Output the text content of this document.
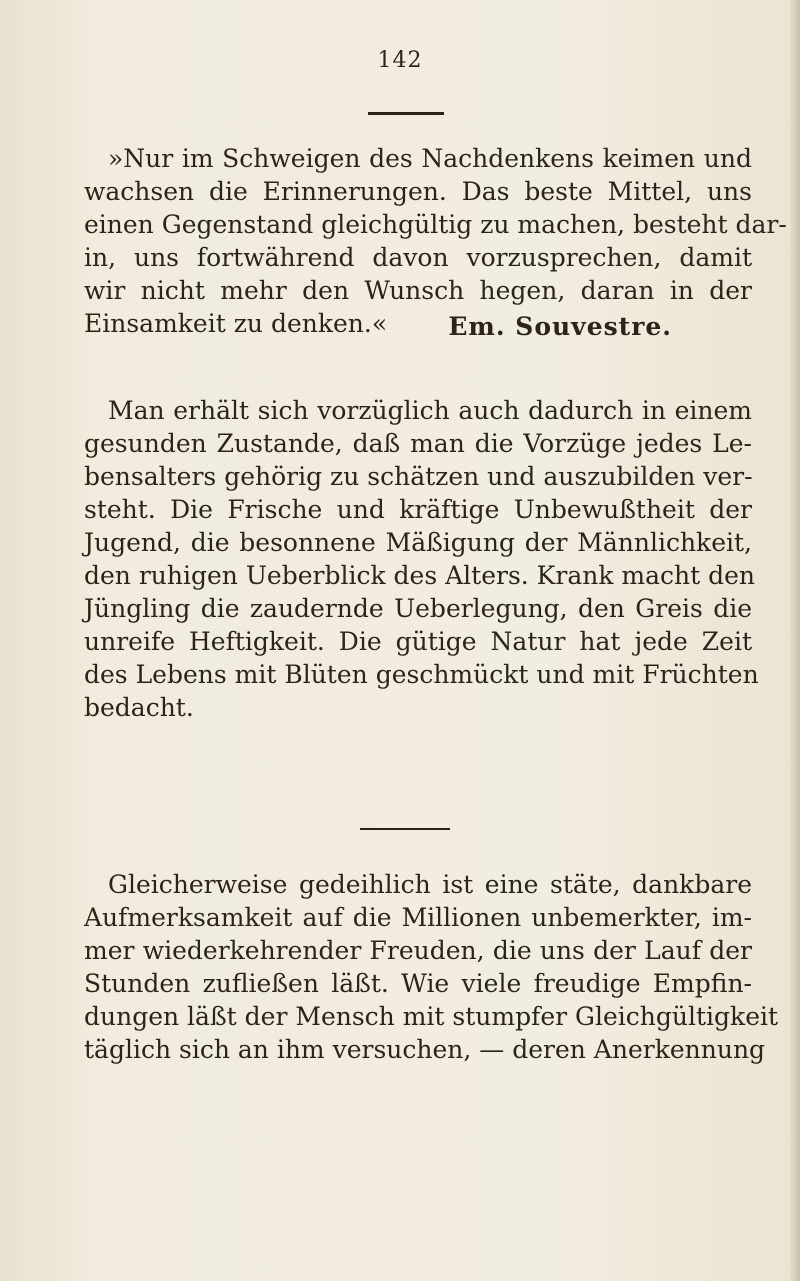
142
»Nur im Schweigen des Nachdenkens keimen und
wachsen die Erinnerungen. Das beste Mittel, uns
einen Gegenstand gleichgültig zu machen, besteht dar-
in, uns fortwährend davon vorzusprechen, damit
wir nicht mehr den Wunsch hegen, daran in der
Einsamkeit zu denken.«	Em. Souvestre.
Man erhält sich vorzüglich auch dadurch in einem
gesunden Zustande, daß man die Vorzüge jedes Le-
bensalters gehörig zu schätzen und auszubilden ver-
steht. Die Frische und kräftige Unbewußtheit der
Jugend, die besonnene Mäßigung der Männlichkeit,
den ruhigen Ueberblick des Alters. Krank macht den
Jüngling die zaudernde Ueberlegung, den Greis die
unreife Heftigkeit. Die gütige Natur hat jede Zeit
des Lebens mit Blüten geschmückt und mit Früchten
bedacht.
Gleicherweise gedeihlich ist eine stäte, dankbare
Aufmerksamkeit auf die Millionen unbemerkter, im-
mer wiederkehrender Freuden, die uns der Lauf der
Stunden zufließen läßt. Wie viele freudige Empfin-
dungen läßt der Mensch mit stumpfer Gleichgültigkeit
täglich sich an ihm versuchen, — deren Anerkennung
